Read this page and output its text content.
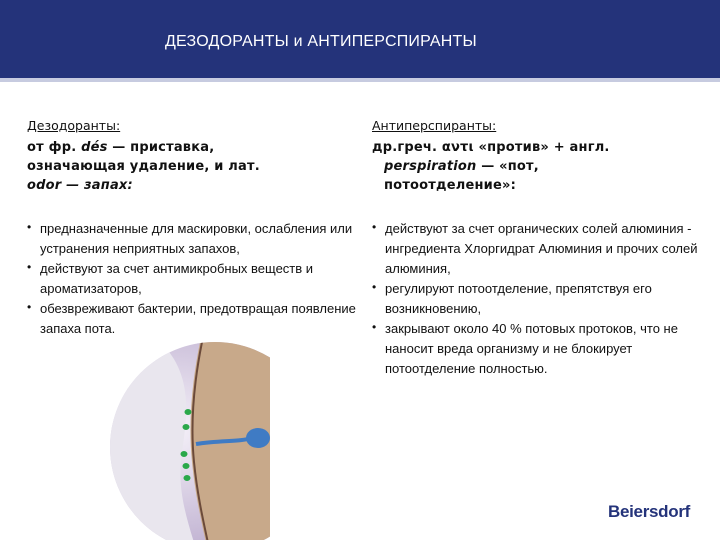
ДЕЗОДОРАНТЫ и АНТИПЕРСПИРАНТЫ
Дезодоранты:
от фр. dés — приставка,
означающая удаление, и лат.
odor — запах:
• предназначенные для маскировки, ослабления или устранения неприятных запахов,
• действуют за счет антимикробных веществ и ароматизаторов,
• обезвреживают бактерии, предотвращая появление запаха пота.
Антиперспиранты:
др.греч. αντι «против» + англ.
perspiration — «пот,
потоотделение»:
• действуют за счет органических солей алюминия - ингредиента Хлоргидрат Алюминия и прочих солей алюминия,
• регулируют потоотделение, препятствуя его возникновению,
• закрывают около 40 % потовых протоков, что не наносит вреда организму и не блокирует потоотделение полностью.
Beiersdorf
